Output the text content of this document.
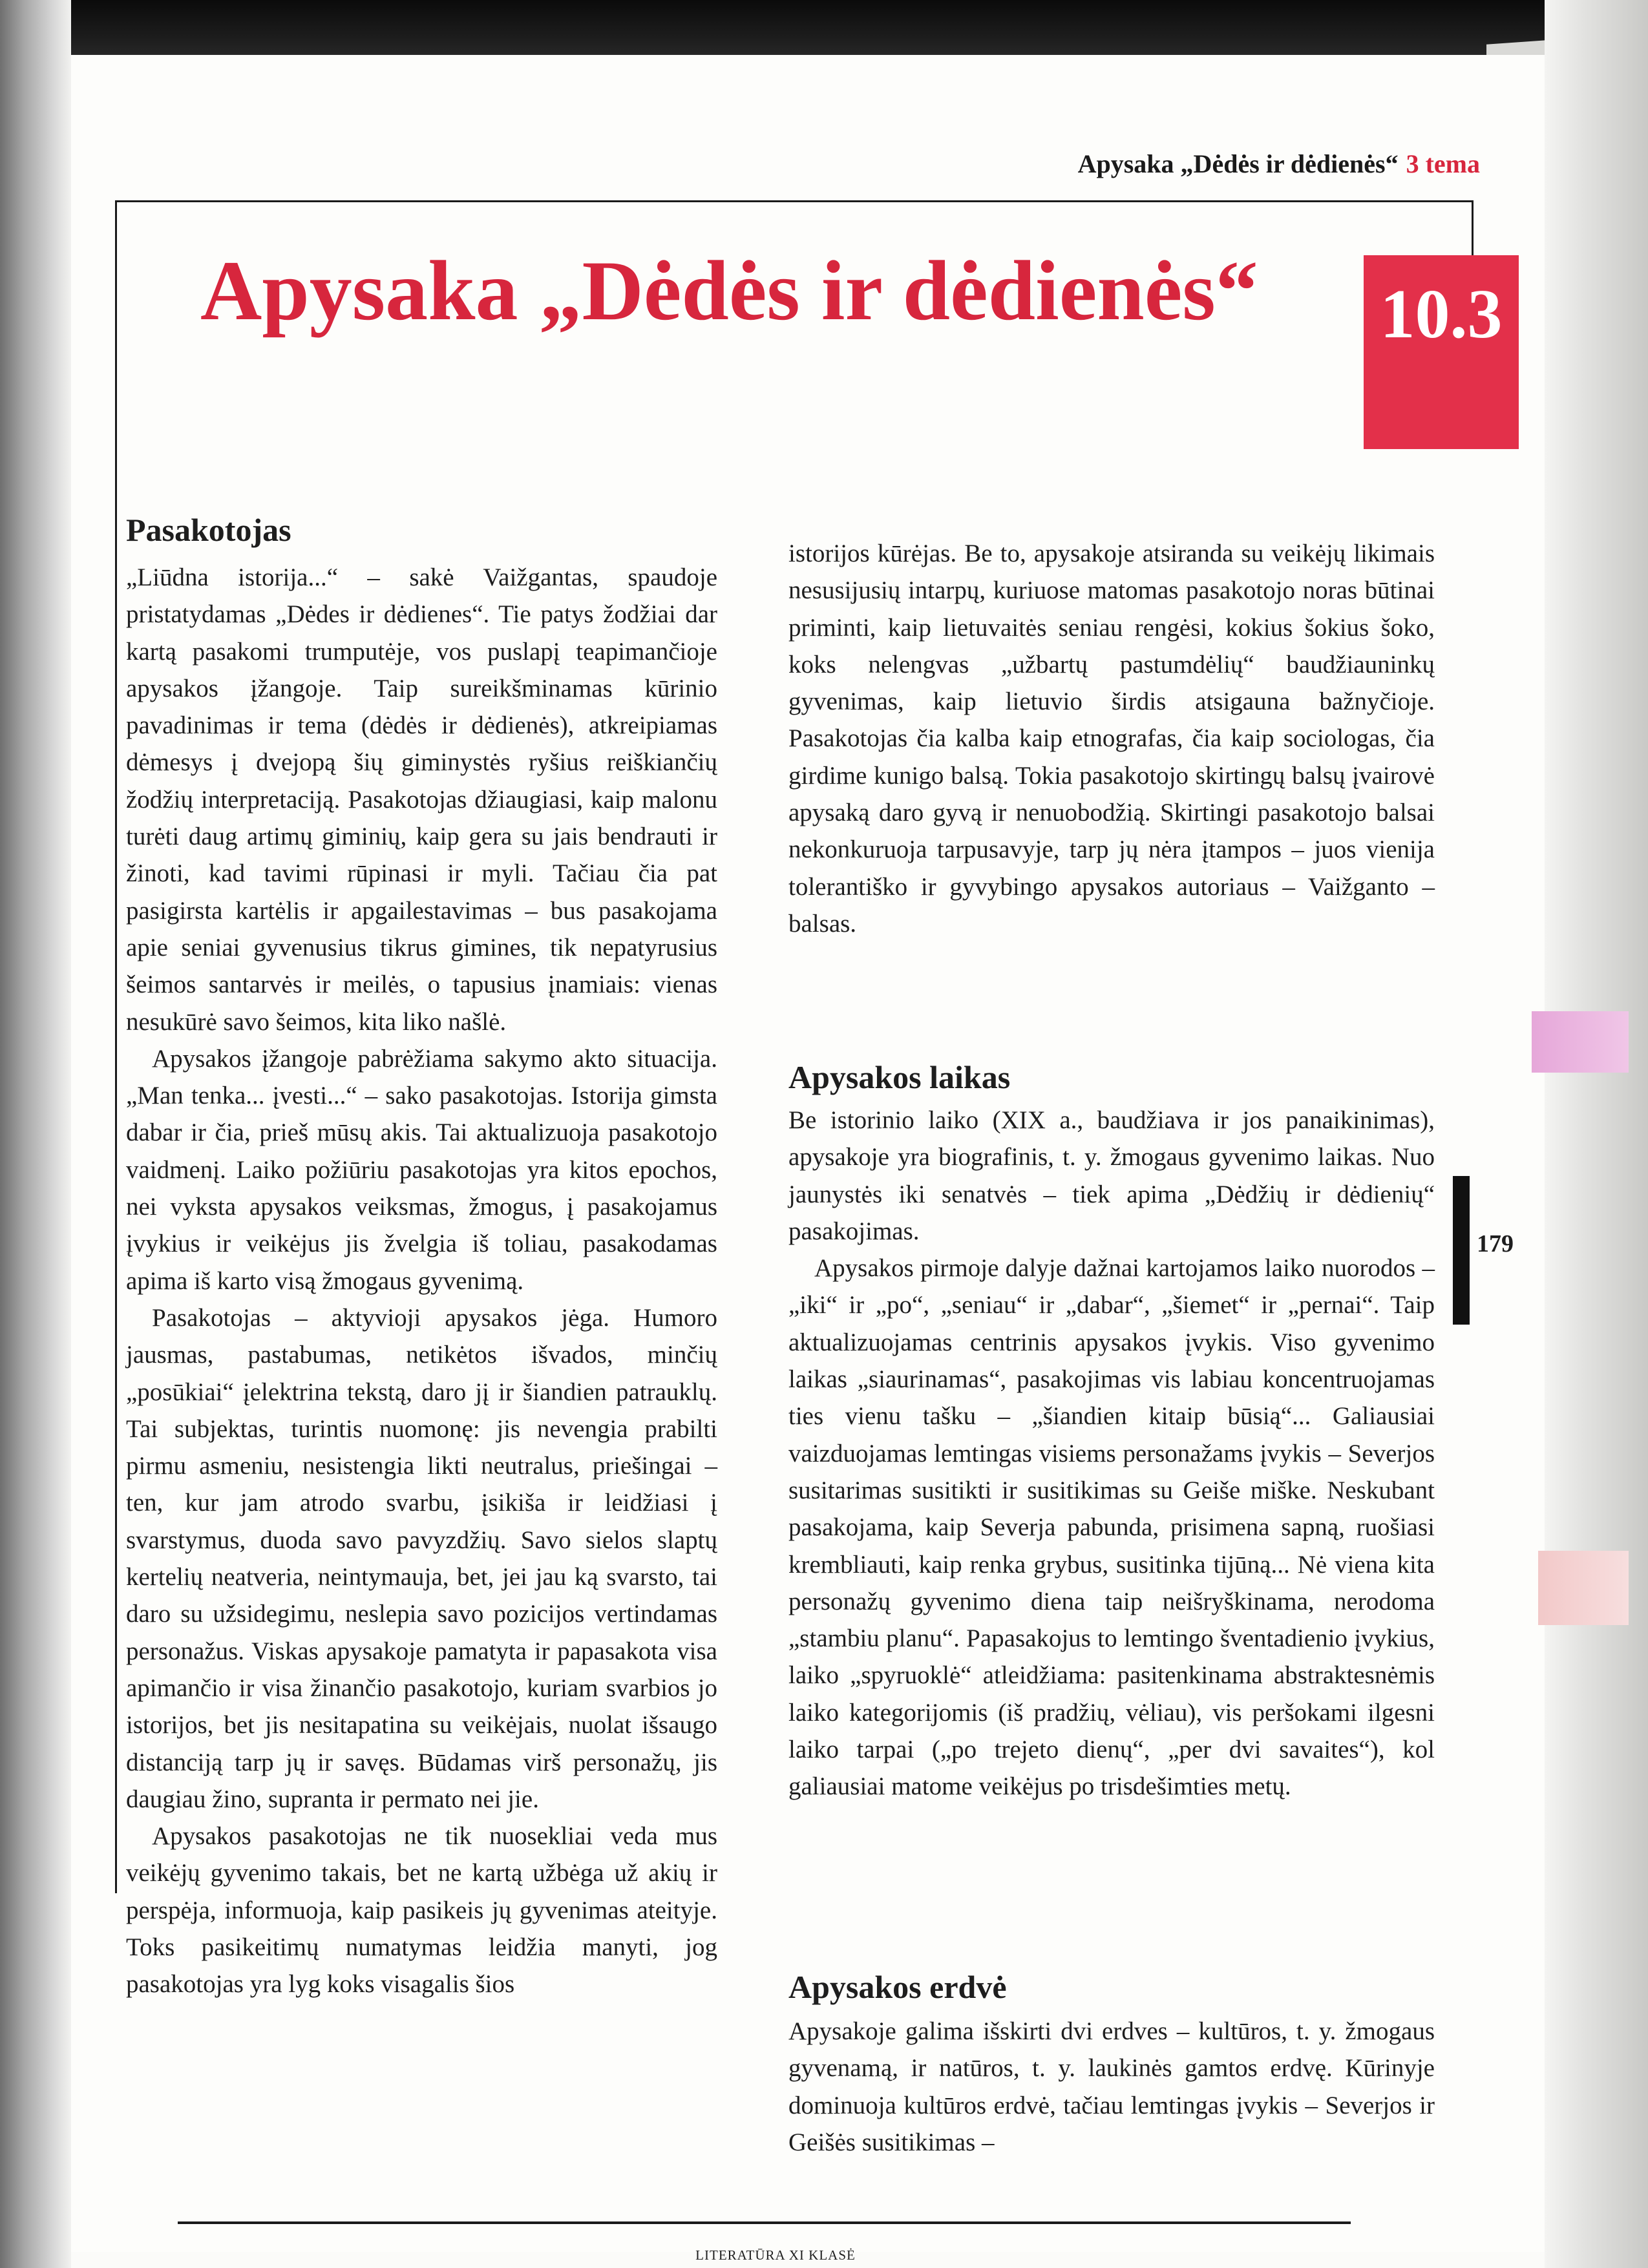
Apysaka „Dėdės ir dėdienės“ 3 tema
Apysaka „Dėdės ir dėdienės“	10.3
Pasakotojas

„Liūdna istorija...“ – sakė Vaižgantas, spaudoje pristatydamas „Dėdes ir dėdienes“. Tie patys žodžiai dar kartą pasakomi trumputėje, vos puslapį teapimančioje apysakos įžangoje. Taip sureikšminamas kūrinio pavadinimas ir tema (dėdės ir dėdienės), atkreipiamas dėmesys į dvejopą šių giminystės ryšius reiškiančių žodžių interpretaciją. Pasakotojas džiaugiasi, kaip malonu turėti daug artimų giminių, kaip gera su jais bendrauti ir žinoti, kad tavimi rūpinasi ir myli. Tačiau čia pat pasigirsta kartėlis ir apgailestavimas – bus pasakojama apie seniai gyvenusius tikrus gimines, tik nepatyrusius šeimos santarvės ir meilės, o tapusius įnamiais: vienas nesukūrė savo šeimos, kita liko našlė.

Apysakos įžangoje pabrėžiama sakymo akto situacija. „Man tenka... įvesti...“ – sako pasakotojas. Istorija gimsta dabar ir čia, prieš mūsų akis. Tai aktualizuoja pasakotojo vaidmenį. Laiko požiūriu pasakotojas yra kitos epochos, nei vyksta apysakos veiksmas, žmogus, į pasakojamus įvykius ir veikėjus jis žvelgia iš toliau, pasakodamas apima iš karto visą žmogaus gyvenimą.

Pasakotojas – aktyvioji apysakos jėga. Humoro jausmas, pastabumas, netikėtos išvados, minčių „posūkiai“ įelektrina tekstą, daro jį ir šiandien patrauklų. Tai subjektas, turintis nuomonę: jis nevengia prabilti pirmu asmeniu, nesistengia likti neutralus, priešingai – ten, kur jam atrodo svarbu, įsikiša ir leidžiasi į svarstymus, duoda savo pavyzdžių. Savo sielos slaptų kertelių neatveria, neintymauja, bet, jei jau ką svarsto, tai daro su užsidegimu, neslepia savo pozicijos vertindamas personažus. Viskas apysakoje pamatyta ir papasakota visa apimančio ir visa žinančio pasakotojo, kuriam svarbios jo istorijos, bet jis nesitapatina su veikėjais, nuolat išsaugo distanciją tarp jų ir savęs. Būdamas virš personažų, jis daugiau žino, supranta ir permato nei jie.

Apysakos pasakotojas ne tik nuosekliai veda mus veikėjų gyvenimo takais, bet ne kartą užbėga už akių ir perspėja, informuoja, kaip pasikeis jų gyvenimas ateityje. Toks pasikeitimų numatymas leidžia manyti, jog pasakotojas yra lyg koks visagalis šios

istorijos kūrėjas. Be to, apysakoje atsiranda su veikėjų likimais nesusijusių intarpų, kuriuose matomas pasakotojo noras būtinai priminti, kaip lietuvaitės seniau rengėsi, kokius šokius šoko, koks nelengvas „užbartų pastumdėlių“ baudžiauninkų gyvenimas, kaip lietuvio širdis atsigauna bažnyčioje. Pasakotojas čia kalba kaip etnografas, čia kaip sociologas, čia girdime kunigo balsą. Tokia pasakotojo skirtingų balsų įvairovė apysaką daro gyvą ir nenuobodžią. Skirtingi pasakotojo balsai nekonkuruoja tarpusavyje, tarp jų nėra įtampos – juos vienija tolerantiško ir gyvybingo apysakos autoriaus – Vaižganto – balsas.

Apysakos laikas

Be istorinio laiko (XIX a., baudžiava ir jos panaikinimas), apysakoje yra biografinis, t. y. žmogaus gyvenimo laikas. Nuo jaunystės iki senatvės – tiek apima „Dėdžių ir dėdienių“ pasakojimas.

Apysakos pirmoje dalyje dažnai kartojamos laiko nuorodos – „iki“ ir „po“, „seniau“ ir „dabar“, „šiemet“ ir „pernai“. Taip aktualizuojamas centrinis apysakos įvykis. Viso gyvenimo laikas „siaurinamas“, pasakojimas vis labiau koncentruojamas ties vienu tašku – „šiandien kitaip būsią“... Galiausiai vaizduojamas lemtingas visiems personažams įvykis – Severjos susitarimas susitikti ir susitikimas su Geiše miške. Neskubant pasakojama, kaip Severja pabunda, prisimena sapną, ruošiasi krembliauti, kaip renka grybus, susitinka tijūną... Nė viena kita personažų gyvenimo diena taip neišryškinama, nerodoma „stambiu planu“. Papasakojus to lemtingo šventadienio įvykius, laiko „spyruoklė“ atleidžiama: pasitenkinama abstraktesnėmis laiko kategorijomis (iš pradžių, vėliau), vis peršokami ilgesni laiko tarpai („po trejeto dienų“, „per dvi savaites“), kol galiausiai matome veikėjus po trisdešimties metų.

Apysakos erdvė

Apysakoje galima išskirti dvi erdves – kultūros, t. y. žmogaus gyvenamą, ir natūros, t. y. laukinės gamtos erdvę. Kūrinyje dominuoja kultūros erdvė, tačiau lemtingas įvykis – Severjos ir Geišės susitikimas –

179
LITERATŪRA XI KLASĖ
